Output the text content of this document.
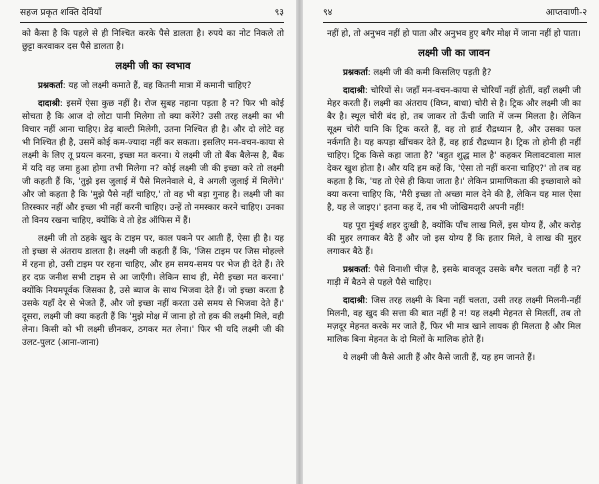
सहज प्रकृत शक्ति देवियाँ	९३

को कैसा है कि पहले से ही निश्चित करके पैसे डालता है। रुपये का नोट निकले तो छुट्टा करवाकर दस पैसे डालता है।

लक्ष्मी जी का स्वभाव

प्रश्नकर्ता: यह जो लक्ष्मी कमाते हैं, वह कितनी मात्रा में कमानी चाहिए?

दादाश्री: इसमें ऐसा कुछ नहीं है। रोज सुबह नहाना पड़ता है न? फिर भी कोई सोचता है कि आज दो लोटा पानी मिलेगा तो क्या करेंगे? उसी तरह लक्ष्मी का भी विचार नहीं आना चाहिए। डेढ़ बाल्टी मिलेगी, उतना निश्चित ही है। और दो लोटे वह भी निश्चित ही है, उसमें कोई कम-ज्यादा नहीं कर सकता। इसलिए मन-वचन-काया से लक्ष्मी के लिए तू प्रयत्न करना, इच्छा मत करना। ये लक्ष्मी जी तो बैंक बैलेन्स है, बैंक में यदि वह जमा हुआ होगा तभी मिलेगा न? कोई लक्ष्मी जी की इच्छा करे तो लक्ष्मी जी कहती हैं कि, 'तुझे इस जुलाई में पैसे मिलनेवाले थे, वे अगली जुलाई में मिलेंगे।' और जो कहता है कि 'मुझे पैसे नहीं चाहिए,' तो वह भी बड़ा गुनाह है। लक्ष्मी जी का तिरस्कार नहीं और इच्छा भी नहीं करनी चाहिए। उन्हें तो नमस्कार करने चाहिए। उनका तो विनय रखना चाहिए, क्योंकि वे तो हेड ऑफिस में हैं।

लक्ष्मी जी तो ठहके खुद के टाइम पर, काल पकने पर आती हैं, ऐसा ही है। यह तो इच्छा से अंतराय डालता है। लक्ष्मी जी कहती हैं कि, 'जिस टाइम पर जिस मोहल्ले में रहना हो, उसी टाइम पर रहना चाहिए, और हम समय-समय पर भेज ही देते हैं। तेरे हर दफ़ जनीश सभी टाइम से आ जाएँगी। लेकिन साथ ही, मेरी इच्छा मत करना।' क्योंकि नियमपूर्वक जिसका है, उसे ब्याज के साथ भिजवा देते हैं। जो इच्छा करता है उसके यहाँ देर से भेजते हैं, और जो इच्छा नहीं करता उसे समय से भिजवा देते हैं।' दूसरा, लक्ष्मी जी क्या कहती हैं कि 'मुझे मोक्ष में जाना हो तो हक की लक्ष्मी मिले, वही लेना। किसी को भी लक्ष्मी छीनकर, ठगकर मत लेना।' फिर भी यदि लक्ष्मी जी की उलट-पुलट (आना-जाना)

९४	आप्तवाणी-२

नहीं हो, तो अनुभव नहीं हो पाता और अनुभव हुए बगैर मोक्ष में जाना नहीं हो पाता।

लक्ष्मी जी का जावन

प्रश्नकर्ता: लक्ष्मी जी की कमी किसलिए पड़ती है?

दादाश्री: चोरियों से। जहाँ मन-वचन-काया से चोरियाँ नहीं होतीं, वहाँ लक्ष्मी जी मेहर करती हैं। लक्ष्मी का अंतराय (विघ्न, बाधा) चोरी से है। ट्रिक और लक्ष्मी जी का बैर है। स्थूल चोरी बंद हो, तब जाकर तो ऊँची जाति में जन्म मिलता है। लेकिन सूक्ष्म चोरी यानि कि ट्रिक करते हैं, वह तो हार्ड रौद्रध्यान है, और उसका फल नर्कगति है। यह कपड़ा खींचकर देते हैं, वह हार्ड रौद्रध्यान है। ट्रिक तो होनी ही नहीं चाहिए। ट्रिक किसे कहा जाता है? 'बहुत शुद्ध माल है' कहकर मिलावटवाला माल देकर खुश होता है। और यदि हम कहें कि, 'ऐसा तो नहीं करना चाहिए?' तो तब वह कहता है कि, 'यह तो ऐसे ही किया जाता है।' लेकिन प्रामाणिकता की इच्छावाले को क्या करना चाहिए कि, 'मैरी इच्छा तो अच्छा माल देने की है, लेकिन यह माल ऐसा है, यह ले जाइए।' इतना कह दें, तब भी जोखिमदारी अपनी नहीं!

यह पूरा मुंबई शहर दुःखी है, क्योंकि पाँच लाख मिलें, इस योग्य हैं, और करोड़ की मुहर लगाकर बैठे हैं और जो इस योग्य हैं कि हतार मिले, वे लाख की मुहर लगाकर बैठे हैं।

प्रश्नकर्ता: पैसे विनाशी चीज़ है, इसके बावजूद उसके बगैर चलता नहीं है न? गाड़ी में बैठने से पहले पैसे चाहिए।

दादाश्री: जिस तरह लक्ष्मी के बिना नहीं चलता, उसी तरह लक्ष्मी मिलनी-नहीं मिलनी, वह खुद की सत्ता की बात नहीं है न! यह लक्ष्मी मेहनत से मिलतीं, तब तो मज़दूर मेहनत करके मर जाते हैं, फिर भी मात्र खाने लायक ही मिलता है और मिल मालिक बिना मेहनत के दो मिलों के मालिक होते हैं।

ये लक्ष्मी जी कैसे आती हैं और कैसे जाती हैं, यह हम जानते हैं।
